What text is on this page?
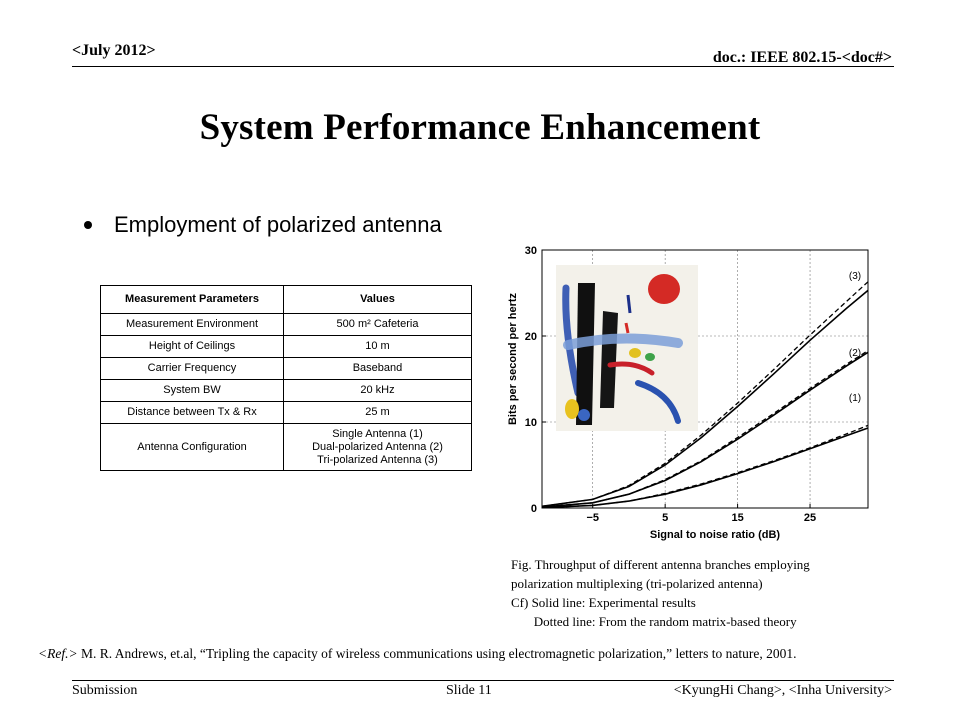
<July 2012>	doc.: IEEE 802.15-<doc#>
System Performance Enhancement
Employment of polarized antenna
Measurement Parameters	Values
Measurement Environment	500 m² Cafeteria
Height of Ceilings	10 m
Carrier Frequency	Baseband
System BW	20 kHz
Distance between Tx & Rx	25 m
Antenna Configuration	Single Antenna (1)
Dual-polarized Antenna (2)
Tri-polarized Antenna (3)
−5	5	15	25
0
10
20
30
Signal to noise ratio (dB)
Bits per second per hertz	(1)
(2)
(3)
Fig. Throughput of different antenna branches employing
polarization multiplexing (tri-polarized antenna)
Cf) Solid line: Experimental results
Dotted line: From the random matrix-based theory
<Ref.> M. R. Andrews, et.al, “Tripling the capacity of wireless communications using electromagnetic polarization,” letters to nature, 2001.
Submission	Slide 11	<KyungHi Chang>, <Inha University>
